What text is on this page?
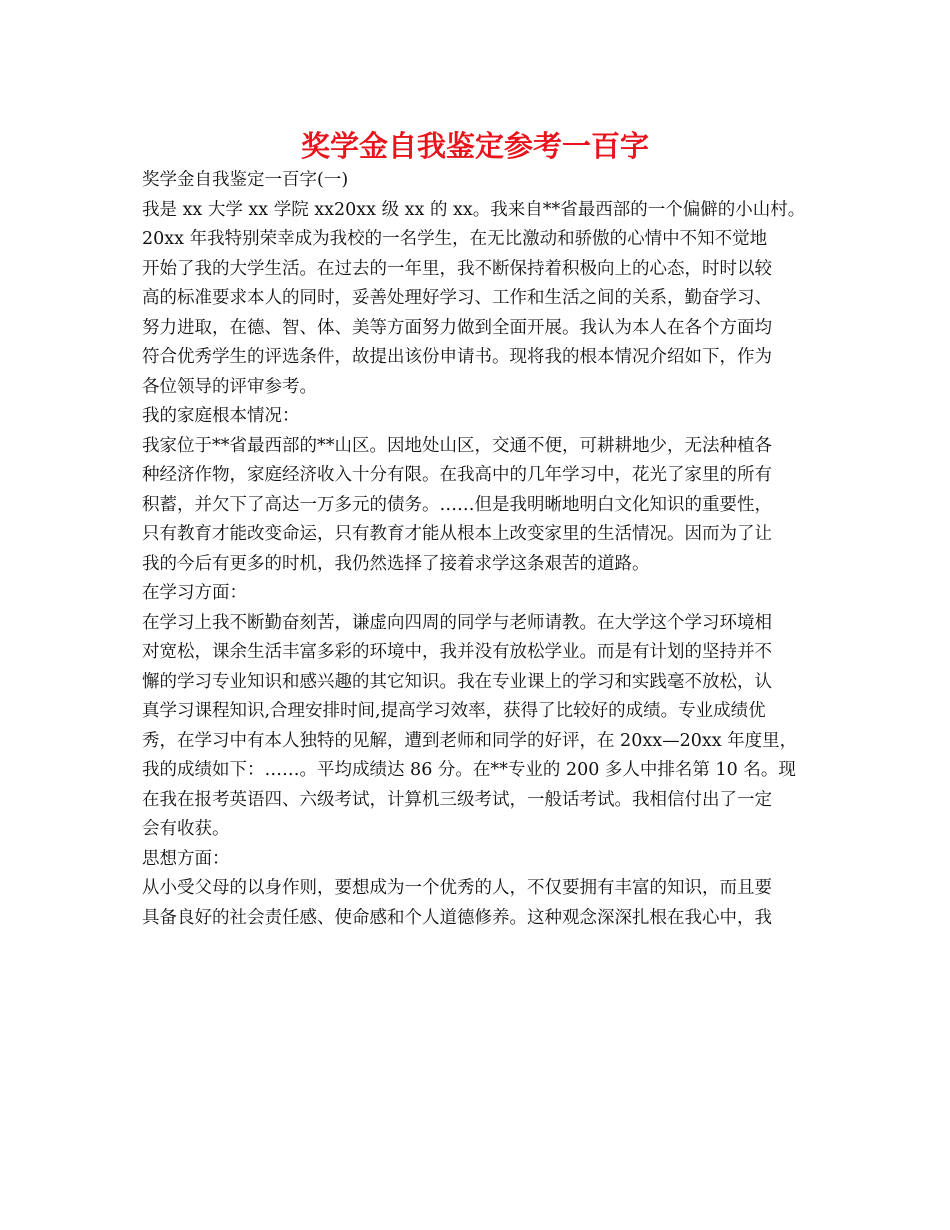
奖学金自我鉴定参考一百字

奖学金自我鉴定一百字(一)

我是 xx 大学 xx 学院 xx20xx 级 xx 的 xx。我来自**省最西部的一个偏僻的小山村。

20xx 年我特别荣幸成为我校的一名学生，在无比激动和骄傲的心情中不知不觉地

开始了我的大学生活。在过去的一年里，我不断保持着积极向上的心态，时时以较

高的标准要求本人的同时，妥善处理好学习、工作和生活之间的关系，勤奋学习、

努力进取，在德、智、体、美等方面努力做到全面开展。我认为本人在各个方面均

符合优秀学生的评选条件，故提出该份申请书。现将我的根本情况介绍如下，作为

各位领导的评审参考。

我的家庭根本情况：

我家位于**省最西部的**山区。因地处山区，交通不便，可耕耕地少，无法种植各

种经济作物，家庭经济收入十分有限。在我高中的几年学习中，花光了家里的所有

积蓄，并欠下了高达一万多元的债务。……但是我明晰地明白文化知识的重要性，

只有教育才能改变命运，只有教育才能从根本上改变家里的生活情况。因而为了让

我的今后有更多的时机，我仍然选择了接着求学这条艰苦的道路。

在学习方面：

在学习上我不断勤奋刻苦，谦虚向四周的同学与老师请教。在大学这个学习环境相

对宽松，课余生活丰富多彩的环境中，我并没有放松学业。而是有计划的坚持并不

懈的学习专业知识和感兴趣的其它知识。我在专业课上的学习和实践毫不放松，认

真学习课程知识,合理安排时间,提高学习效率，获得了比较好的成绩。专业成绩优

秀，在学习中有本人独特的见解，遭到老师和同学的好评，在 20xx—20xx 年度里，

我的成绩如下：……。平均成绩达 86 分。在**专业的 200 多人中排名第 10 名。现

在我在报考英语四、六级考试，计算机三级考试，一般话考试。我相信付出了一定

会有收获。

思想方面：

从小受父母的以身作则，要想成为一个优秀的人，不仅要拥有丰富的知识，而且要

具备良好的社会责任感、使命感和个人道德修养。这种观念深深扎根在我心中，我
